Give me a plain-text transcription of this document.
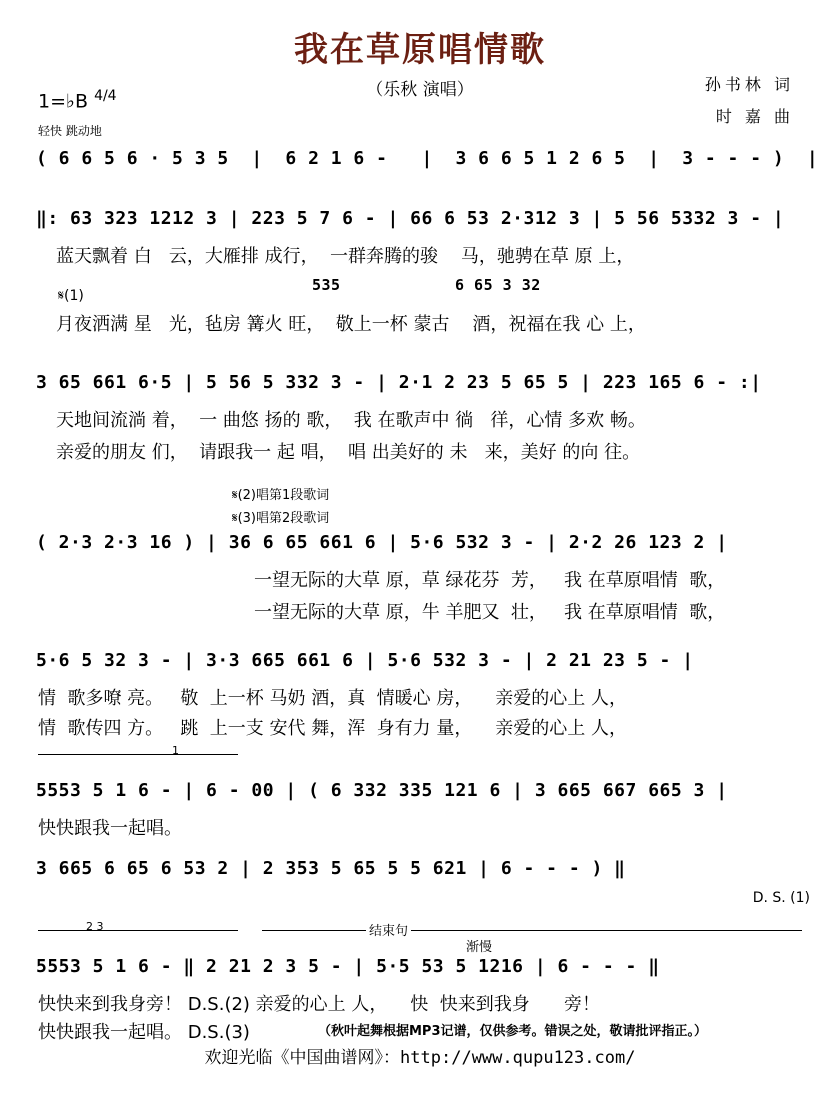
我在草原唱情歌
（乐秋 演唱）	孙书林 词
时 嘉 曲
1=♭B $^{4/4}$
轻快 跳动地
( 6 6 5 6 · 5 3 5  |  6 2 1 6 -   |  3 6 6 5 1 2 6 5  |  3 - - - )  |
‖: 63 323 1212 3 | 223 5 7 6 - | 66 6 53 2·312 3 | 5 56 5332 3 - |
蓝天飘着 白   云，大雁排 成行，  一群奔腾的骏    马，驰骋在草 原 上，
𝄋(1)
535	6 65 3 32
月夜洒满 星   光，毡房 篝火 旺，  敬上一杯 蒙古    酒，祝福在我 心 上，
3 65 661 6·5 | 5 56 5 332 3 - | 2·1 2 23 5 65 5 | 223 165 6 - :|
天地间流淌 着，  一 曲悠 扬的 歌，  我 在歌声中 徜   徉，心情 多欢 畅。
亲爱的朋友 们，  请跟我一 起 唱，  唱 出美好的 未   来，美好 的向 往。
𝄋(2)唱第1段歌词
𝄋(3)唱第2段歌词
( 2·3 2·3 16 ) | 36 6 65 661 6 | 5·6 532 3 - | 2·2 26 123 2 |
一望无际的大草 原，草 绿花芬  芳，   我 在草原唱情  歌，
一望无际的大草 原，牛 羊肥又  壮，   我 在草原唱情  歌，
5·6 5 32 3 - | 3·3 665 661 6 | 5·6 532 3 - | 2 21 23 5 - |
情  歌多嘹 亮。   敬  上一杯 马奶 酒，真  情暖心 房，    亲爱的心上 人，
情  歌传四 方。   跳  上一支 安代 舞，浑  身有力 量，    亲爱的心上 人，
1
5553 5 1 6 - | 6 - 00 | ( 6 332 335 121 6 | 3 665 667 665 3 |
快快跟我一起唱。
3 665 6 65 6 53 2 | 2 353 5 65 5 5 621 | 6 - - - ) ‖
D. S. (1)
2 3	结束句
渐慢
5553 5 1 6 - ‖ 2 21 2 3 5 - | 5·5 53 5 1216 | 6 - - - ‖
快快来到我身旁！ D.S.(2) 亲爱的心上 人，    快  快来到我身      旁！
快快跟我一起唱。 D.S.(3)	（秋叶起舞根据MP3记谱，仅供参考。错误之处，敬请批评指正。）
欢迎光临《中国曲谱网》：http://www.qupu123.com/
